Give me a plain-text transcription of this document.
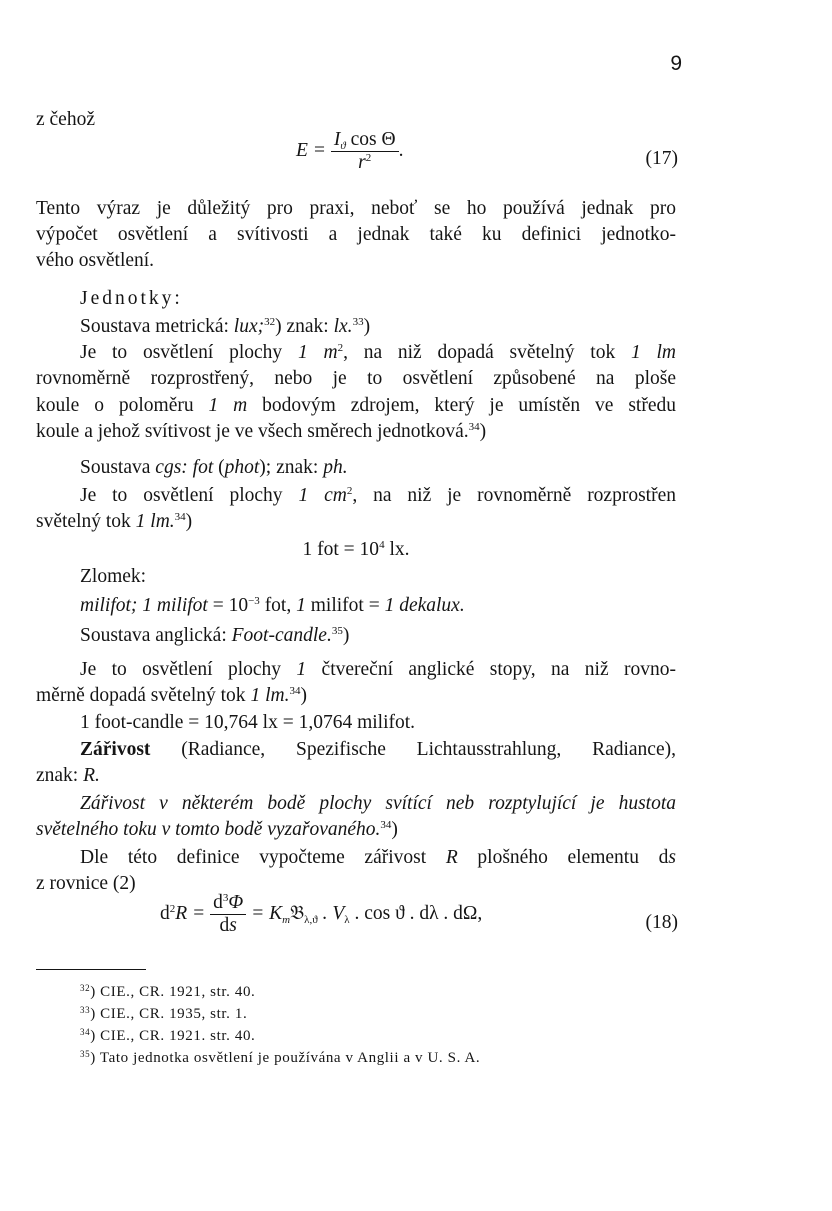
9
z čehož
$E = \frac{I_ϑ \cos \Theta}{r^2}$ .	(17)
Tento výraz je důležitý pro praxi, neboť se ho používá jednak pro
výpočet osvětlení a svítivosti a jednak také ku definici jednotko-
vého osvětlení.
Jednotky:
Soustava metrická: lux;$^{32}$) znak: lx.$^{33}$)
Je to osvětlení plochy 1 $m^2$, na niž dopadá světelný tok 1 lm
rovnoměrně rozprostřený, nebo je to osvětlení způsobené na ploše
koule o poloměru 1 m bodovým zdrojem, který je umístěn ve středu
koule a jehož svítivost je ve všech směrech jednotková.$^{34}$)
Soustava cgs: fot (phot); znak: ph.
Je to osvětlení plochy 1 $cm^2$, na niž je rovnoměrně rozprostřen
světelný tok 1 lm.$^{34}$)
1 fot = $10^4$ lx.
Zlomek:
milifot; 1 milifot = $10^{-3}$ fot, 1 milifot = 1 dekalux.
Soustava anglická: Foot-candle.$^{35}$)
Je to osvětlení plochy 1 čtvereční anglické stopy, na niž rovno-
měrně dopadá světelný tok 1 lm.$^{34}$)
1 foot-candle = 10,764 lx = 1,0764 milifot.
Zářivost (Radiance, Spezifische Lichtausstrahlung, Radiance),
znak: R.
Zářivost v některém bodě plochy svítící neb rozptylující je hustota
světelného toku v tomto bodě vyzařovaného.$^{34}$)
Dle této definice vypočteme zářivost R plošného elementu ds
z rovnice (2)
$d^2R = \frac{d^3\Phi}{ds}$ = $K_m𝔅_{\lambda,ϑ}$ . $V_\lambda$ . cos ϑ . dλ . dΩ,	(18)
$^{32}$) CIE., CR. 1921, str. 40.
$^{33}$) CIE., CR. 1935, str. 1.
$^{34}$) CIE., CR. 1921. str. 40.
$^{35}$) Tato jednotka osvětlení je používána v Anglii a v U. S. A.
